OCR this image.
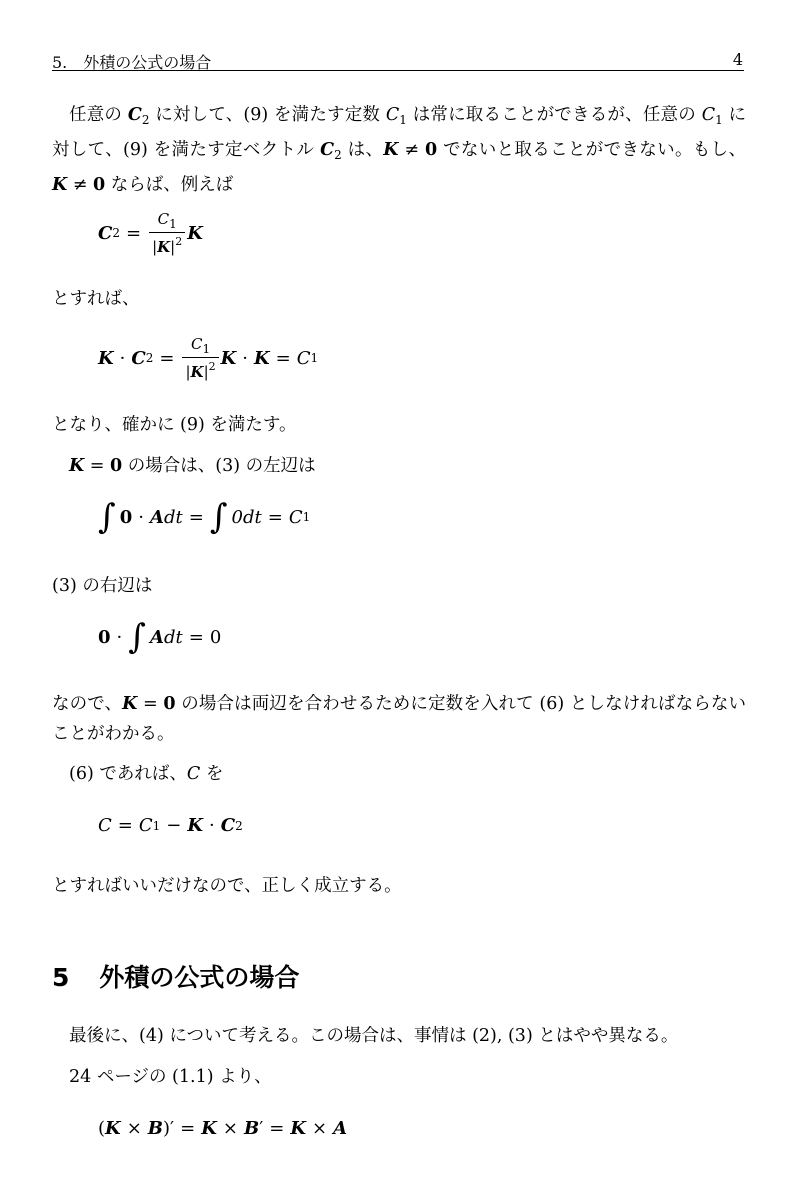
5.　外積の公式の場合	4
任意の $C_2$ に対して、(9) を満たす定数 $C_1$ は常に取ることができるが、任意の $C_1$ に対して、(9) を満たす定ベクトル $C_2$ は、K ≠ 0 でないと取ることができない。もし、K ≠ 0 ならば、例えば
C $2 = \frac{C_1}{|K|^2}$ K
とすれば、
K · C $2 = \frac{C_1}{|K|^2}$ K · K = C 1
となり、確かに (9) を満たす。
K = 0 の場合は、(3) の左辺は
∫ 0 · A dt = ∫ 0dt = C 1
(3) の右辺は
0 · ∫ A dt = 0
なので、K = 0 の場合は両辺を合わせるために定数を入れて (6) としなければならないことがわかる。
(6) であれば、C を
C = C 1 − K · C 2
とすればいいだけなので、正しく成立する。
5 外積の公式の場合
最後に、(4) について考える。この場合は、事情は (2), (3) とはやや異なる。
24 ページの (1.1) より、
( K × B ) ′ = K × B ′ = K × A
